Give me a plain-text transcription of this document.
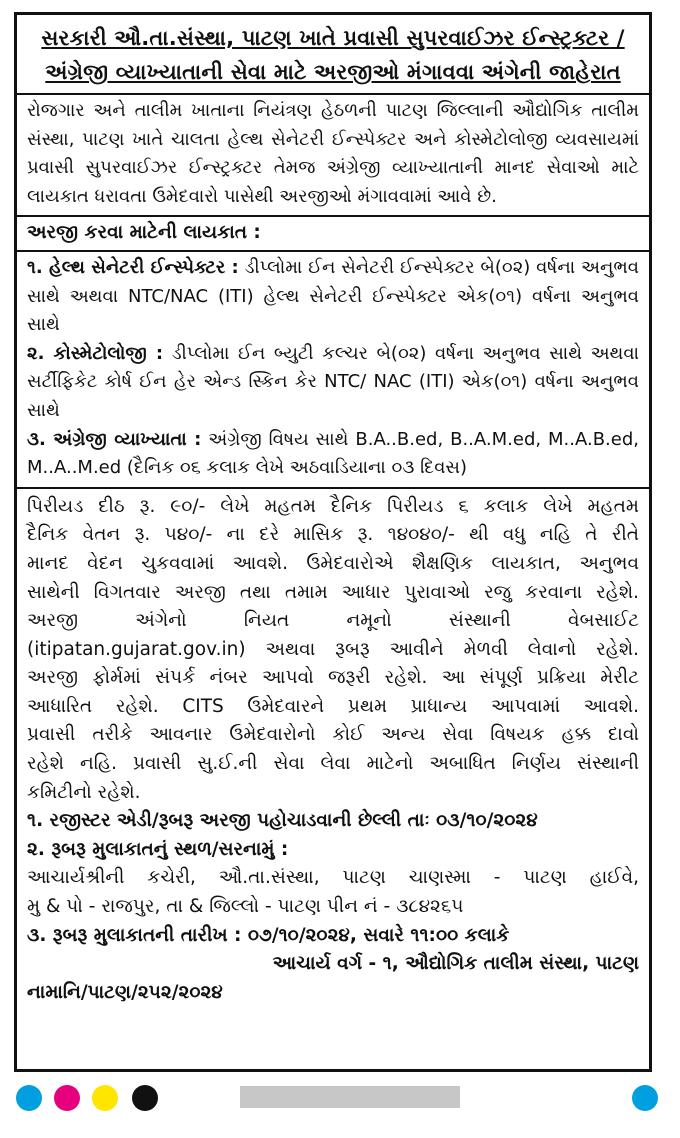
સરકારી ઔ.તા.સંસ્થા, પાટણ ખાતે પ્રવાસી સુપરવાઈઝર ઈન્સ્ટ્રક્ટર /
અંગ્રેજી વ્યાખ્યાતાની સેવા માટે અરજીઓ મંગાવવા અંગેની જાહેરાત

રોજગાર અને તાલીમ ખાતાના નિયંત્રણ હેઠળની પાટણ જિલ્લાની ઔદ્યોગિક તાલીમ સંસ્થા, પાટણ ખાતે ચાલતા હેલ્થ સેનેટરી ઈન્સ્પેક્ટર અને કોસ્મેટોલોજી વ્યવસાયમાં પ્રવાસી સુપરવાઈઝર ઈન્સ્ટ્રક્ટર તેમજ અંગ્રેજી વ્યાખ્યાતાની માનદ સેવાઓ માટે લાયકાત ધરાવતા ઉમેદવારો પાસેથી અરજીઓ મંગાવવામાં આવે છે.

અરજી કરવા માટેની લાયકાત :

૧. હેલ્થ સેનેટરી ઈન્સ્પેક્ટર : ડીપ્લોમા ઈન સેનેટરી ઈન્સ્પેક્ટર બે(૦૨) વર્ષના અનુભવ સાથે અથવા NTC/NAC (ITI) હેલ્થ સેનેટરી ઈન્સ્પેક્ટર એક(૦૧) વર્ષના અનુભવ સાથે

૨. કોસ્મેટોલોજી : ડીપ્લોમા ઈન બ્યુટી કલ્ચર બે(૦૨) વર્ષના અનુભવ સાથે અથવા સર્ટીફિકેટ કોર્ષ ઈન હેર એન્ડ સ્કિન કેર NTC/ NAC (ITI) એક(૦૧) વર્ષના અનુભવ સાથે

૩. અંગ્રેજી વ્યાખ્યાતા : અંગ્રેજી વિષય સાથે B.A..B.ed, B..A.M.ed, M..A.B.ed, M..A..M.ed (દૈનિક ૦૬ કલાક લેખે અઠવાડિયાના ૦૩ દિવસ)

પિરીયડ દીઠ રૂ. ૯૦/- લેખે મહતમ દૈનિક પિરીયડ ૬ કલાક લેખે મહતમ
દૈનિક વેતન રૂ. ૫૪૦/- ના દરે માસિક રૂ. ૧૪૦૪૦/- થી વધુ નહિ તે રીતે
માનદ વેદન ચુકવવામાં આવશે. ઉમેદવારોએ શૈક્ષણિક લાયકાત, અનુભવ
સાથેની વિગતવાર અરજી તથા તમામ આધાર પુરાવાઓ રજુ કરવાના રહેશે.
અરજી અંગેનો નિયત નમૂનો સંસ્થાની વેબસાઈટ
(itipatan.gujarat.gov.in) અથવા રૂબરૂ આવીને મેળવી લેવાનો રહેશે.
અરજી ફોર્મમાં સંપર્ક નંબર આપવો જરૂરી રહેશે. આ સંપૂર્ણ પ્રક્રિયા મેરીટ
આધારિત રહેશે. CITS ઉમેદવારને પ્રથમ પ્રાધાન્ય આપવામાં આવશે.
પ્રવાસી તરીકે આવનાર ઉમેદવારોનો કોઈ અન્ય સેવા વિષયક હક્ક દાવો
રહેશે નહિ. પ્રવાસી સુ.ઈ.ની સેવા લેવા માટેનો અબાધિત નિર્ણય સંસ્થાની
કમિટીનો રહેશે.
૧. રજીસ્ટર એડી/રૂબરૂ અરજી પહોચાડવાની છેલ્લી તાઃ ૦૩/૧૦/૨૦૨૪
૨. રૂબરૂ મુલાકાતનું સ્થળ/સરનામું :
આચાર્યશ્રીની કચેરી, ઔ.તા.સંસ્થા, પાટણ ચાણસ્મા - પાટણ હાઈવે,
મુ & પો - રાજપુર, તા & જિલ્લો - પાટણ પીન નં - ૩૮૪૨૬૫
૩. રૂબરૂ મુલાકાતની તારીખ : ૦૭/૧૦/૨૦૨૪, સવારે ૧૧:૦૦ કલાકે
આચાર્ય વર્ગ - ૧, ઔદ્યોગિક તાલીમ સંસ્થા, પાટણ
નામાનિ/પાટણ/૨૫૨/૨૦૨૪
